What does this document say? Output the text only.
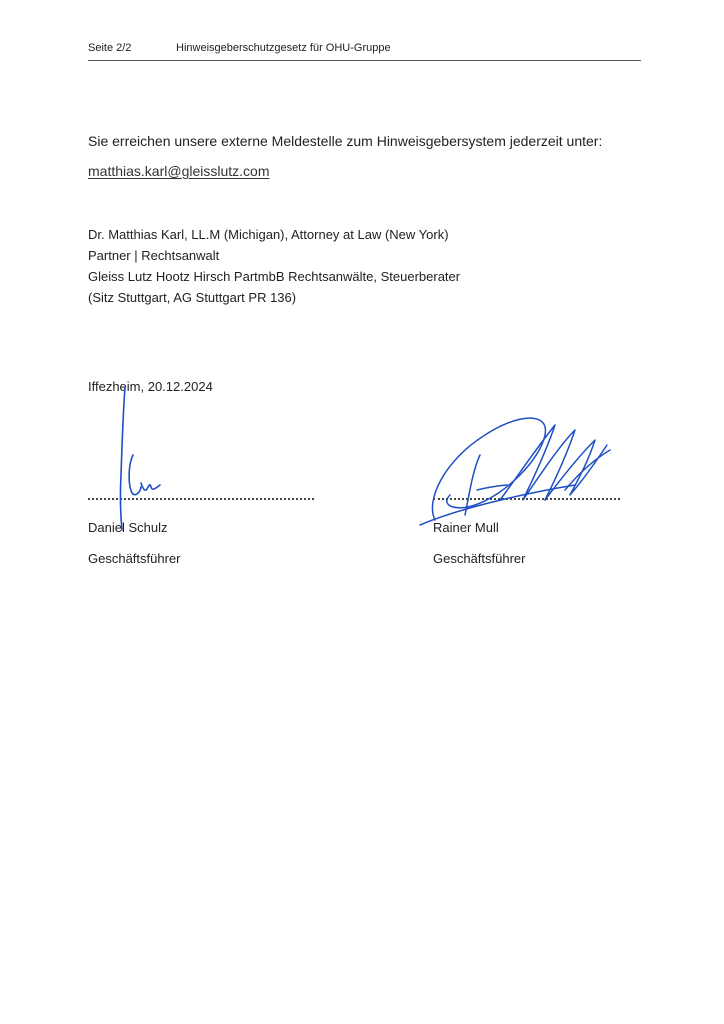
Seite 2/2	Hinweisgeberschutzgesetz für OHU-Gruppe
Sie erreichen unsere externe Meldestelle zum Hinweisgebersystem jederzeit unter:
matthias.karl@gleisslutz.com
Dr. Matthias Karl, LL.M (Michigan), Attorney at Law (New York)
Partner | Rechtsanwalt
Gleiss Lutz Hootz Hirsch PartmbB Rechtsanwälte, Steuerberater
(Sitz Stuttgart, AG Stuttgart PR 136)
Iffezheim, 20.12.2024
Daniel Schulz
Geschäftsführer
Rainer Mull
Geschäftsführer
